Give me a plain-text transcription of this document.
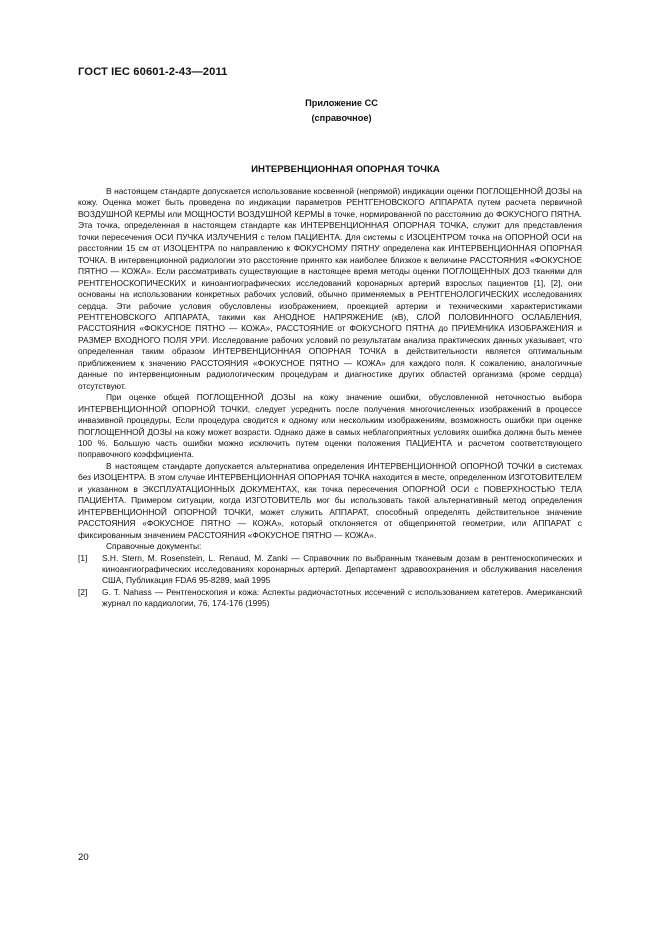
ГОСТ IEC 60601-2-43—2011
Приложение СС
(справочное)
ИНТЕРВЕНЦИОННАЯ ОПОРНАЯ ТОЧКА

В настоящем стандарте допускается использование косвенной (непрямой) индикации оценки ПОГЛОЩЕННОЙ ДОЗЫ на кожу. Оценка может быть проведена по индикации параметров РЕНТГЕНОВСКОГО АППАРАТА путем расчета первичной ВОЗДУШНОЙ КЕРМЫ или МОЩНОСТИ ВОЗДУШНОЙ КЕРМЫ в точке, нормированной по расстоянию до ФОКУСНОГО ПЯТНА. Эта точка, определенная в настоящем стандарте как ИНТЕРВЕНЦИОННАЯ ОПОРНАЯ ТОЧКА, служит для представления точки пересечения ОСИ ПУЧКА ИЗЛУЧЕНИЯ с телом ПАЦИЕНТА. Для системы с ИЗОЦЕНТРОМ точка на ОПОРНОЙ ОСИ на расстоянии 15 см от ИЗОЦЕНТРА по направлению к ФОКУСНОМУ ПЯТНУ определена как ИНТЕРВЕНЦИОННАЯ ОПОРНАЯ ТОЧКА. В интервенционной радиологии это расстояние принято как наиболее близкое к величине РАССТОЯНИЯ «ФОКУСНОЕ ПЯТНО — КОЖА». Если рассматривать существующие в настоящее время методы оценки ПОГЛОЩЕННЫХ ДОЗ тканями для РЕНТГЕНОСКОПИЧЕСКИХ и киноангиографических исследований коронарных артерий взрослых пациентов [1], [2], они основаны на использовании конкретных рабочих условий, обычно применяемых в РЕНТГЕНОЛОГИЧЕСКИХ исследованиях сердца. Эти рабочие условия обусловлены изображением, проекцией артерии и техническими характеристиками РЕНТГЕНОВСКОГО АППАРАТА, такими как АНОДНОЕ НАПРЯЖЕНИЕ (кВ), СЛОЙ ПОЛОВИННОГО ОСЛАБЛЕНИЯ, РАССТОЯНИЯ «ФОКУСНОЕ ПЯТНО — КОЖА», РАССТОЯНИЕ от ФОКУСНОГО ПЯТНА до ПРИЕМНИКА ИЗОБРАЖЕНИЯ и РАЗМЕР ВХОДНОГО ПОЛЯ УРИ. Исследование рабочих условий по результатам анализа практических данных указывает, что определенная таким образом ИНТЕРВЕНЦИОННАЯ ОПОРНАЯ ТОЧКА в действительности является оптимальным приближением к значению РАССТОЯНИЯ «ФОКУСНОЕ ПЯТНО — КОЖА» для каждого поля. К сожалению, аналогичные данные по интервенционным радиологическим процедурам и диагностике других областей организма (кроме сердца) отсутствуют.

При оценке общей ПОГЛОЩЕННОЙ ДОЗЫ на кожу значение ошибки, обусловленной неточностью выбора ИНТЕРВЕНЦИОННОЙ ОПОРНОЙ ТОЧКИ, следует усреднить после получения многочисленных изображений в процессе инвазивной процедуры. Если процедура сводится к одному или нескольким изображениям, возможность ошибки при оценке ПОГЛОЩЕННОЙ ДОЗЫ на кожу может возрасти. Однако даже в самых неблагоприятных условиях ошибка должна быть менее 100 %. Большую часть ошибки можно исключить путем оценки положения ПАЦИЕНТА и расчетом соответствующего поправочного коэффициента.

В настоящем стандарте допускается альтернатива определения ИНТЕРВЕНЦИОННОЙ ОПОРНОЙ ТОЧКИ в системах без ИЗОЦЕНТРА. В этом случае ИНТЕРВЕНЦИОННАЯ ОПОРНАЯ ТОЧКА находится в месте, определенном ИЗГОТОВИТЕЛЕМ и указанном в ЭКСПЛУАТАЦИОННЫХ ДОКУМЕНТАХ, как точка пересечения ОПОРНОЙ ОСИ с ПОВЕРХНОСТЬЮ ТЕЛА ПАЦИЕНТА. Примером ситуации, когда ИЗГОТОВИТЕЛЬ мог бы использовать такой альтернативный метод определения ИНТЕРВЕНЦИОННОЙ ОПОРНОЙ ТОЧКИ, может служить АППАРАТ, способный определять действительное значение РАССТОЯНИЯ «ФОКУСНОЕ ПЯТНО — КОЖА», который отклоняется от общепринятой геометрии, или АППАРАТ с фиксированным значением РАССТОЯНИЯ «ФОКУСНОЕ ПЯТНО — КОЖА».

Справочные документы:

[1]	S.H. Stern, M. Rosenstein, L. Renaud, M. Zanki — Справочник по выбранным тканевым дозам в рентгеноскопических и киноангиографических исследованиях коронарных артерий. Департамент здравоохранения и обслуживания населения США, Публикация FDA6 95-8289, май 1995
[2]	G. T. Nahass — Рентгеноскопия и кожа: Аспекты радиочастотных иссечений с использованием катетеров. Американский журнал по кардиологии, 76, 174-176 (1995)
20
